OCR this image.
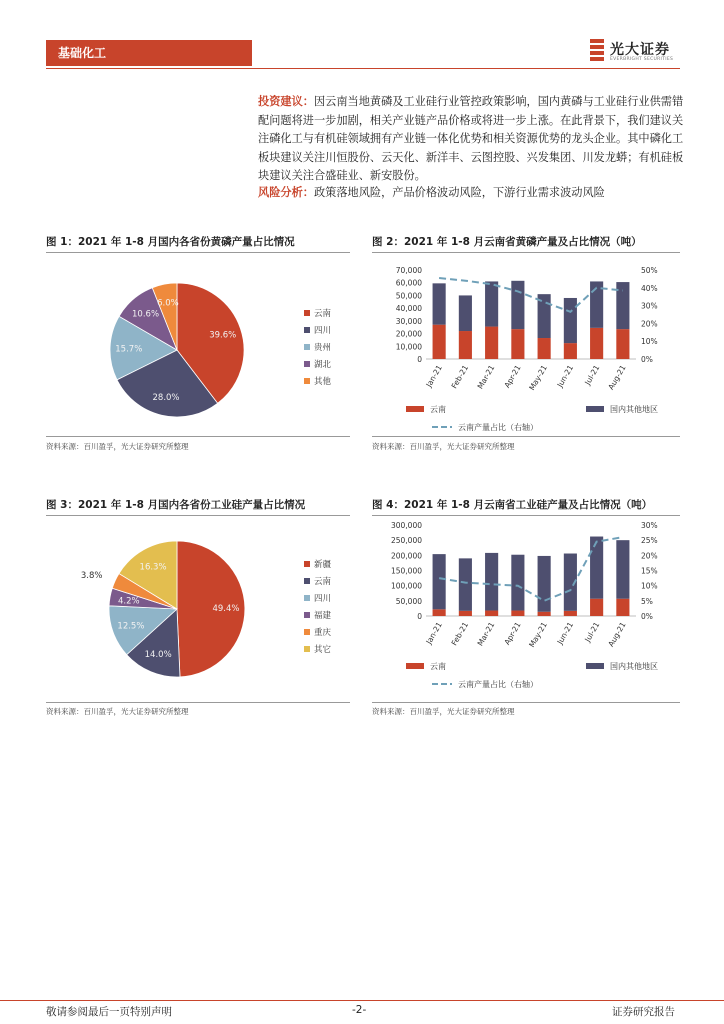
基础化工	光大证券
EVERBRIGHT SECURITIES
投资建议：因云南当地黄磷及工业硅行业管控政策影响，国内黄磷与工业硅行业供需错配问题将进一步加剧，相关产业链产品价格或将进一步上涨。在此背景下，我们建议关注磷化工与有机硅领域拥有产业链一体化优势和相关资源优势的龙头企业。其中磷化工板块建议关注川恒股份、云天化、新洋丰、云图控股、兴发集团、川发龙蟒；有机硅板块建议关注合盛硅业、新安股份。
风险分析：政策落地风险，产品价格波动风险，下游行业需求波动风险
图 1：2021 年 1-8 月国内各省份黄磷产量占比情况
39.6%
28.0%
15.7%
10.6%
6.0%
云南
四川
贵州
湖北
其他
资料来源：百川盈孚，光大证券研究所整理
图 2：2021 年 1-8 月云南省黄磷产量及占比情况（吨）
0
10,000
20,000
30,000
40,000
50,000
60,000
70,000
0%
10%
20%
30%
40%
50%
Jan-21 Feb-21 Mar-21 Apr-21 May-21 Jun-21 Jul-21 Aug-21
云南	国内其他地区
云南产量占比（右轴）
资料来源：百川盈孚，光大证券研究所整理
图 3：2021 年 1-8 月国内各省份工业硅产量占比情况
49.4%
14.0%
12.5%
4.2%
3.8%
16.3%	新疆
云南
四川
福建
重庆
其它
资料来源：百川盈孚，光大证券研究所整理
图 4：2021 年 1-8 月云南省工业硅产量及占比情况（吨）
0
50,000
100,000
150,000
200,000
250,000
300,000
0%
5%
10%
15%
20%
25%
30%
Jan-21 Feb-21 Mar-21 Apr-21 May-21 Jun-21 Jul-21 Aug-21
云南	国内其他地区
云南产量占比（右轴）
资料来源：百川盈孚，光大证券研究所整理
敬请参阅最后一页特别声明	-2-	证券研究报告
